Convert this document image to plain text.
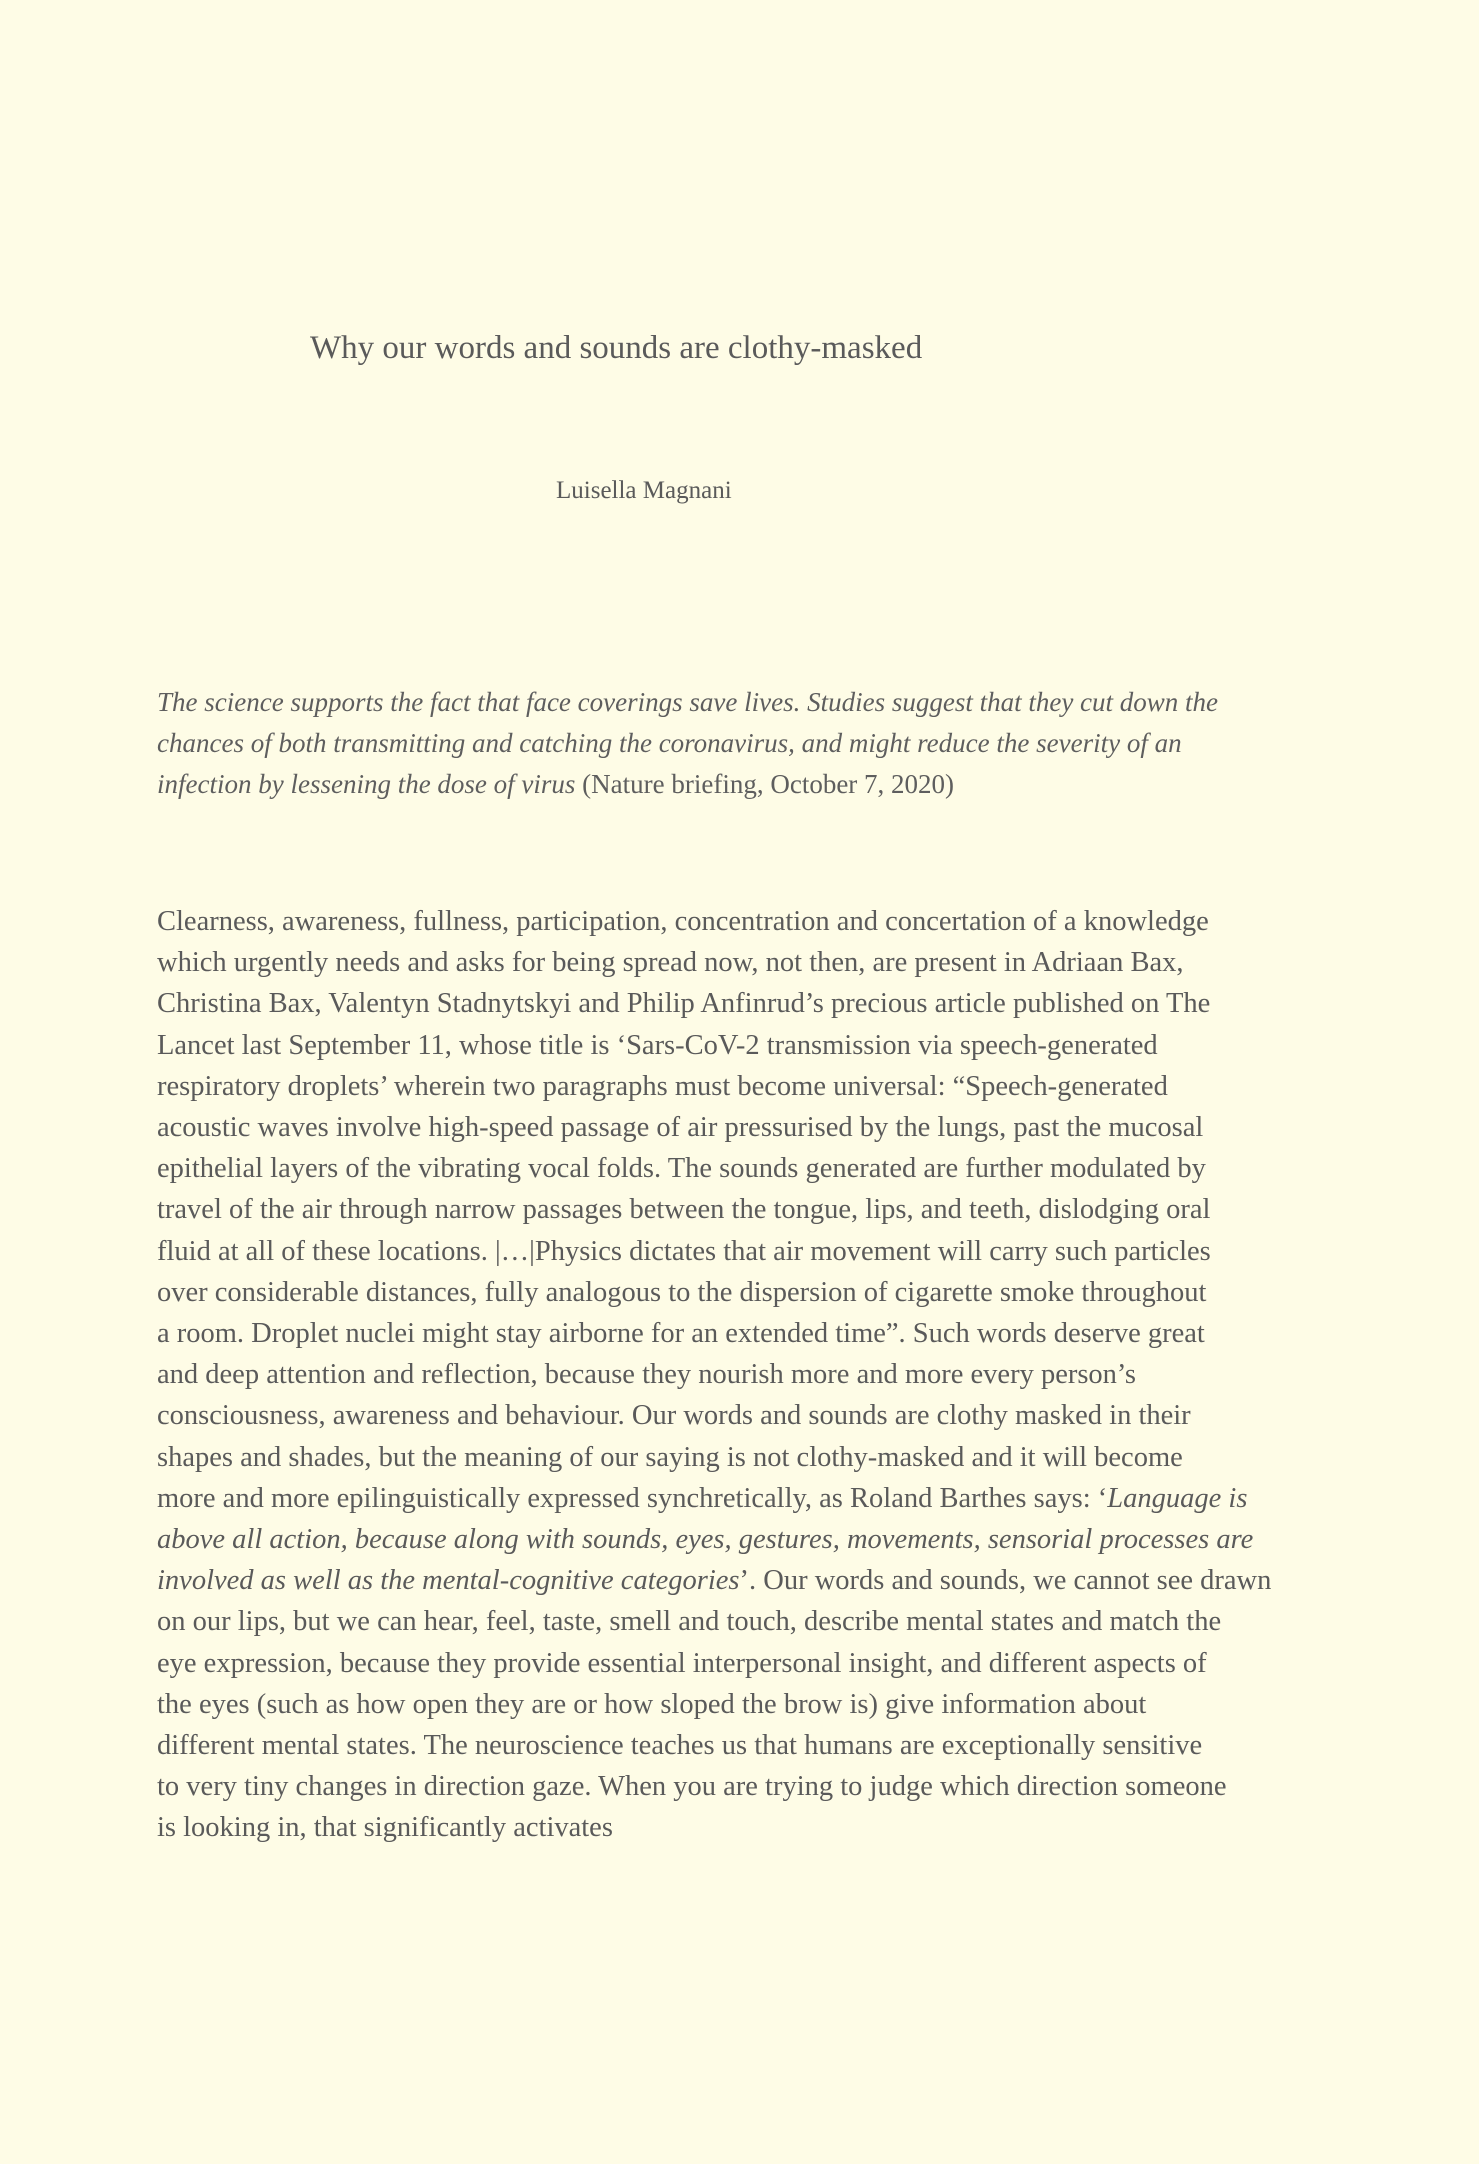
Why our words and sounds are clothy-masked
Luisella Magnani
The science supports the fact that face coverings save lives. Studies suggest that they cut down the
chances of both transmitting and catching the coronavirus, and might reduce the severity of an
infection by lessening the dose of virus (Nature briefing, October 7, 2020)
Clearness, awareness, fullness, participation, concentration and concertation of a knowledge
which urgently needs and asks for being spread now, not then, are present in Adriaan Bax,
Christina Bax, Valentyn Stadnytskyi and Philip Anfinrud’s precious article published on The
Lancet last September 11, whose title is ‘Sars-CoV-2 transmission via speech-generated
respiratory droplets’ wherein two paragraphs must become universal: “Speech-generated
acoustic waves involve high-speed passage of air pressurised by the lungs, past the mucosal
epithelial layers of the vibrating vocal folds. The sounds generated are further modulated by
travel of the air through narrow passages between the tongue, lips, and teeth, dislodging oral
fluid at all of these locations. |…|Physics dictates that air movement will carry such particles
over considerable distances, fully analogous to the dispersion of cigarette smoke throughout
a room. Droplet nuclei might stay airborne for an extended time”. Such words deserve great
and deep attention and reflection, because they nourish more and more every person’s
consciousness, awareness and behaviour. Our words and sounds are clothy masked in their
shapes and shades, but the meaning of our saying is not clothy-masked and it will become
more and more epilinguistically expressed synchretically, as Roland Barthes says: ‘Language is
above all action, because along with sounds, eyes, gestures, movements, sensorial processes are
involved as well as the mental-cognitive categories’. Our words and sounds, we cannot see drawn
on our lips, but we can hear, feel, taste, smell and touch, describe mental states and match the
eye expression, because they provide essential interpersonal insight, and different aspects of
the eyes (such as how open they are or how sloped the brow is) give information about
different mental states. The neuroscience teaches us that humans are exceptionally sensitive
to very tiny changes in direction gaze. When you are trying to judge which direction someone
is looking in, that significantly activates
